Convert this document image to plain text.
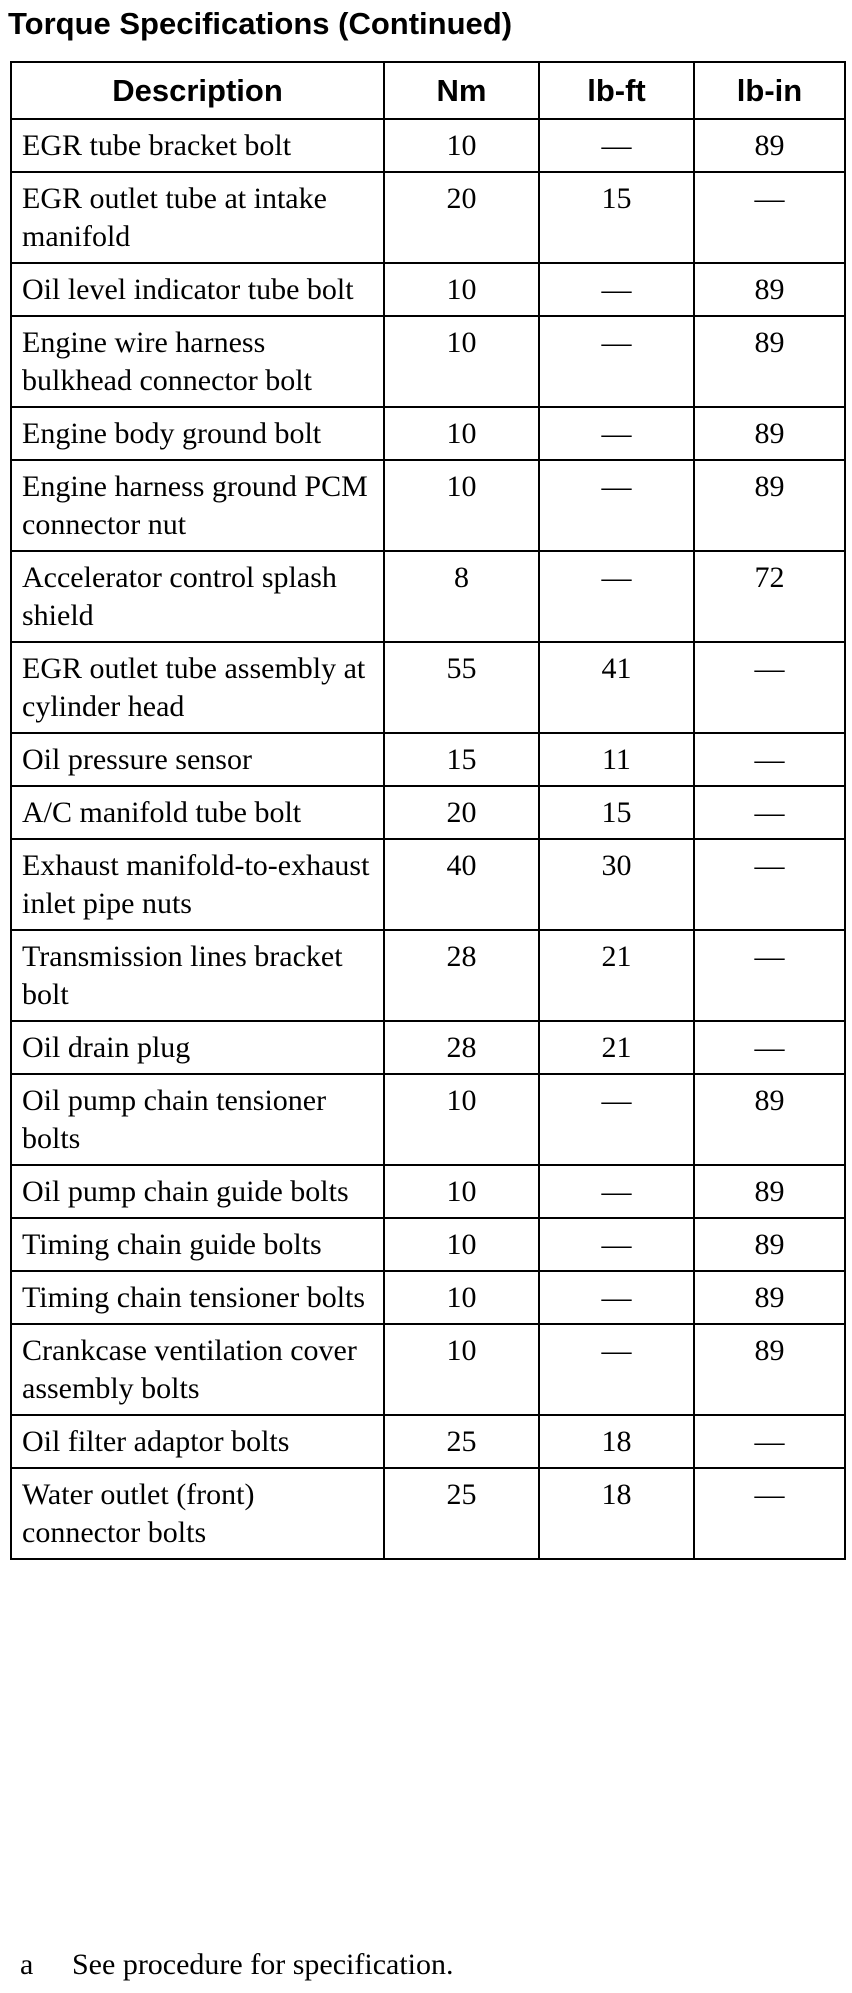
Torque Specifications (Continued)
Description	Nm	lb-ft	lb-in
EGR tube bracket bolt	10	—	89
EGR outlet tube at intake manifold	20	15	—
Oil level indicator tube bolt	10	—	89
Engine wire harness bulkhead connector bolt	10	—	89
Engine body ground bolt	10	—	89
Engine harness ground PCM connector nut	10	—	89
Accelerator control splash shield	8	—	72
EGR outlet tube assembly at cylinder head	55	41	—
Oil pressure sensor	15	11	—
A/C manifold tube bolt	20	15	—
Exhaust manifold-to-exhaust inlet pipe nuts	40	30	—
Transmission lines bracket bolt	28	21	—
Oil drain plug	28	21	—
Oil pump chain tensioner bolts	10	—	89
Oil pump chain guide bolts	10	—	89
Timing chain guide bolts	10	—	89
Timing chain tensioner bolts	10	—	89
Crankcase ventilation cover assembly bolts	10	—	89
Oil filter adaptor bolts	25	18	—
Water outlet (front) connector bolts	25	18	—
a See procedure for specification.
